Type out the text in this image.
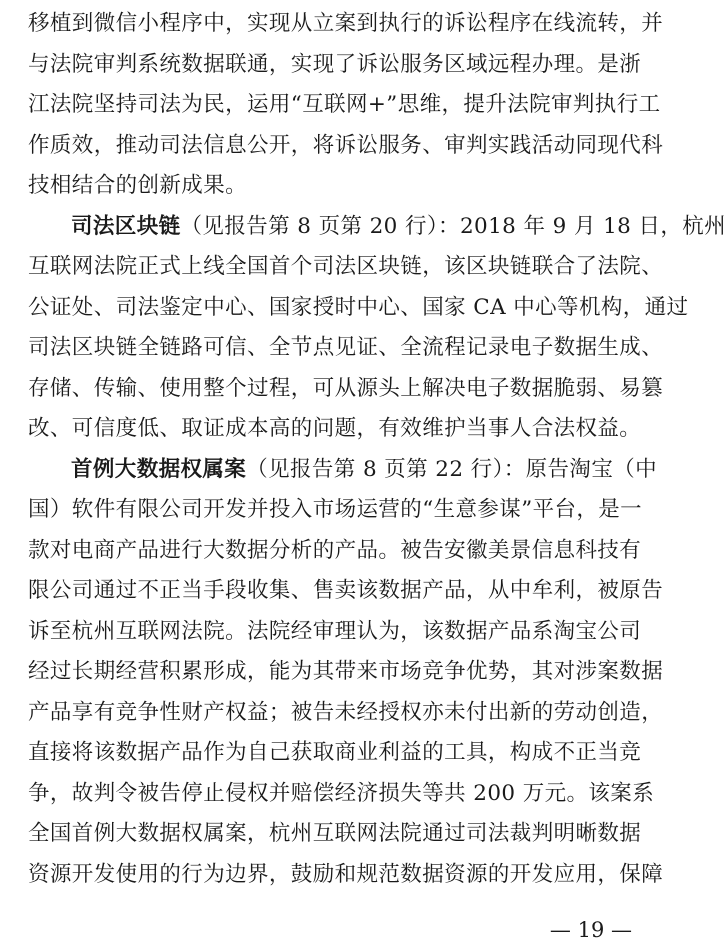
移植到微信小程序中，实现从立案到执行的诉讼程序在线流转，并
与法院审判系统数据联通，实现了诉讼服务区域远程办理。是浙
江法院坚持司法为民，运用“互联网+”思维，提升法院审判执行工
作质效，推动司法信息公开，将诉讼服务、审判实践活动同现代科
技相结合的创新成果。
司法区块链（见报告第 8 页第 20 行）：2018 年 9 月 18 日，杭州
互联网法院正式上线全国首个司法区块链，该区块链联合了法院、
公证处、司法鉴定中心、国家授时中心、国家 CA 中心等机构，通过
司法区块链全链路可信、全节点见证、全流程记录电子数据生成、
存储、传输、使用整个过程，可从源头上解决电子数据脆弱、易篡
改、可信度低、取证成本高的问题，有效维护当事人合法权益。
首例大数据权属案（见报告第 8 页第 22 行）：原告淘宝（中
国）软件有限公司开发并投入市场运营的“生意参谋”平台，是一
款对电商产品进行大数据分析的产品。被告安徽美景信息科技有
限公司通过不正当手段收集、售卖该数据产品，从中牟利，被原告
诉至杭州互联网法院。法院经审理认为，该数据产品系淘宝公司
经过长期经营积累形成，能为其带来市场竞争优势，其对涉案数据
产品享有竞争性财产权益；被告未经授权亦未付出新的劳动创造，
直接将该数据产品作为自己获取商业利益的工具，构成不正当竞
争，故判令被告停止侵权并赔偿经济损失等共 200 万元。该案系
全国首例大数据权属案，杭州互联网法院通过司法裁判明晰数据
资源开发使用的行为边界，鼓励和规范数据资源的开发应用，保障
— 19 —
